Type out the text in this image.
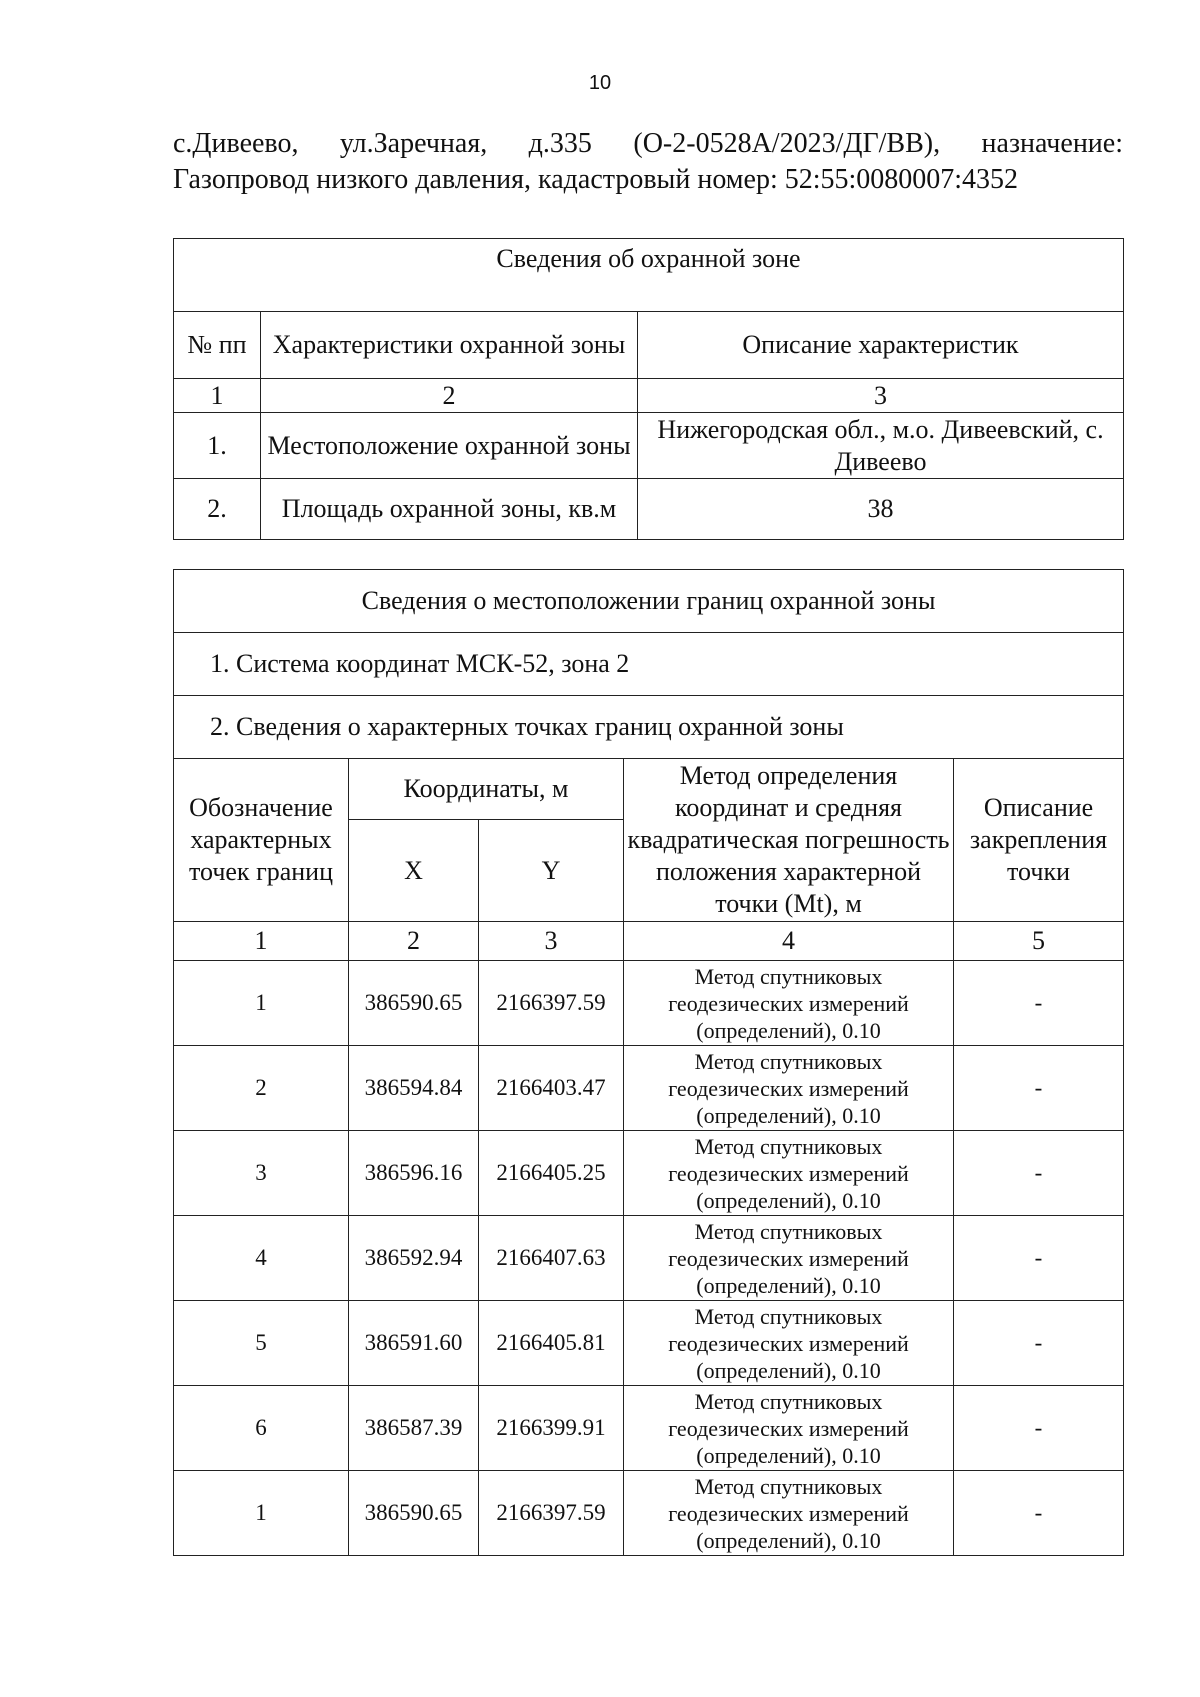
10
с.Дивеево, ул.Заречная, д.335 (О-2-0528А/2023/ДГ/ВВ), назначение:
Газопровод низкого давления, кадастровый номер: 52:55:0080007:4352
Сведения об охранной зоне		
№ пп	Характеристики охранной зоны	Описание характеристик
1	2	3
1.	Местоположение охранной зоны	Нижегородская обл., м.о. Дивеевский, с. Дивеево
2.	Площадь охранной зоны, кв.м	38
Сведения о местоположении границ охранной зоны				
1. Система координат МСК-52, зона 2				
2. Сведения о характерных точках границ охранной зоны				
Обозначение характерных точек границ	Координаты, м		Метод определения координат и средняя квадратическая погрешность положения характерной точки (Mt), м	Описание закрепления точки
	X	Y		
1	2	3	4	5
1	386590.65	2166397.59	Метод спутниковых геодезических измерений (определений), 0.10	-
2	386594.84	2166403.47	Метод спутниковых геодезических измерений (определений), 0.10	-
3	386596.16	2166405.25	Метод спутниковых геодезических измерений (определений), 0.10	-
4	386592.94	2166407.63	Метод спутниковых геодезических измерений (определений), 0.10	-
5	386591.60	2166405.81	Метод спутниковых геодезических измерений (определений), 0.10	-
6	386587.39	2166399.91	Метод спутниковых геодезических измерений (определений), 0.10	-
1	386590.65	2166397.59	Метод спутниковых геодезических измерений (определений), 0.10	-
